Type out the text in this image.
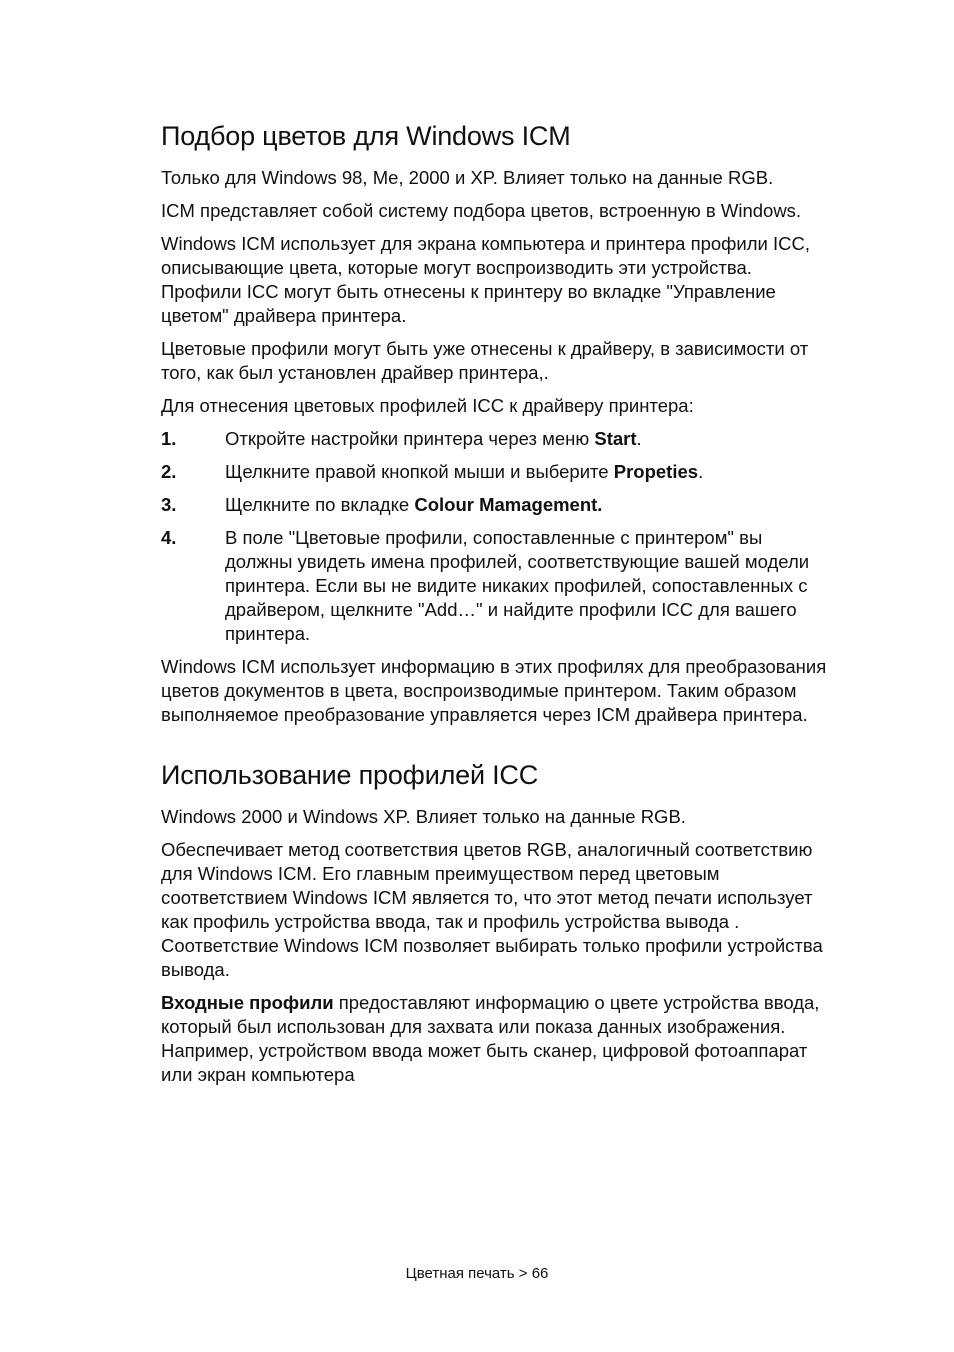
Подбор цветов для Windows ICM

Только для Windows 98, Me, 2000 и XP. Влияет только на данные RGB.

ICM представляет собой систему подбора цветов, встроенную в Windows.

Windows ICM использует для экрана компьютера и принтера профили ICC, описывающие цвета, которые могут воспроизводить эти устройства. Профили ICC могут быть отнесены к принтеру во вкладке "Управление цветом" драйвера принтера.

Цветовые профили могут быть уже отнесены к драйверу, в зависимости от того, как был установлен драйвер принтера,.

Для отнесения цветовых профилей ICC к драйверу принтера:

1.	Откройте настройки принтера через меню Start.
2.	Щелкните правой кнопкой мыши и выберите Propeties.
3.	Щелкните по вкладке Colour Mamagement.
4.	В поле "Цветовые профили, сопоставленные с принтером" вы должны увидеть имена профилей, соответствующие вашей модели принтера. Если вы не видите никаких профилей, сопоставленных с драйвером, щелкните "Add…" и найдите профили ICC для вашего принтера.

Windows ICM использует информацию в этих профилях для преобразования цветов документов в цвета, воспроизводимые принтером. Таким образом выполняемое преобразование управляется через ICM драйвера принтера.

Использование профилей ICC

Windows 2000 и Windows XP. Влияет только на данные RGB.

Обеспечивает метод соответствия цветов RGB, аналогичный соответствию для Windows ICM. Его главным преимуществом перед цветовым соответствием Windows ICM является то, что этот метод печати использует как профиль устройства ввода, так и профиль устройства вывода . Соответствие Windows ICM позволяет выбирать только профили устройства вывода.

Входные профили предоставляют информацию о цвете устройства ввода, который был использован для захвата или показа данных изображения. Например, устройством ввода может быть сканер, цифровой фотоаппарат или экран компьютера

Цветная печать > 66
